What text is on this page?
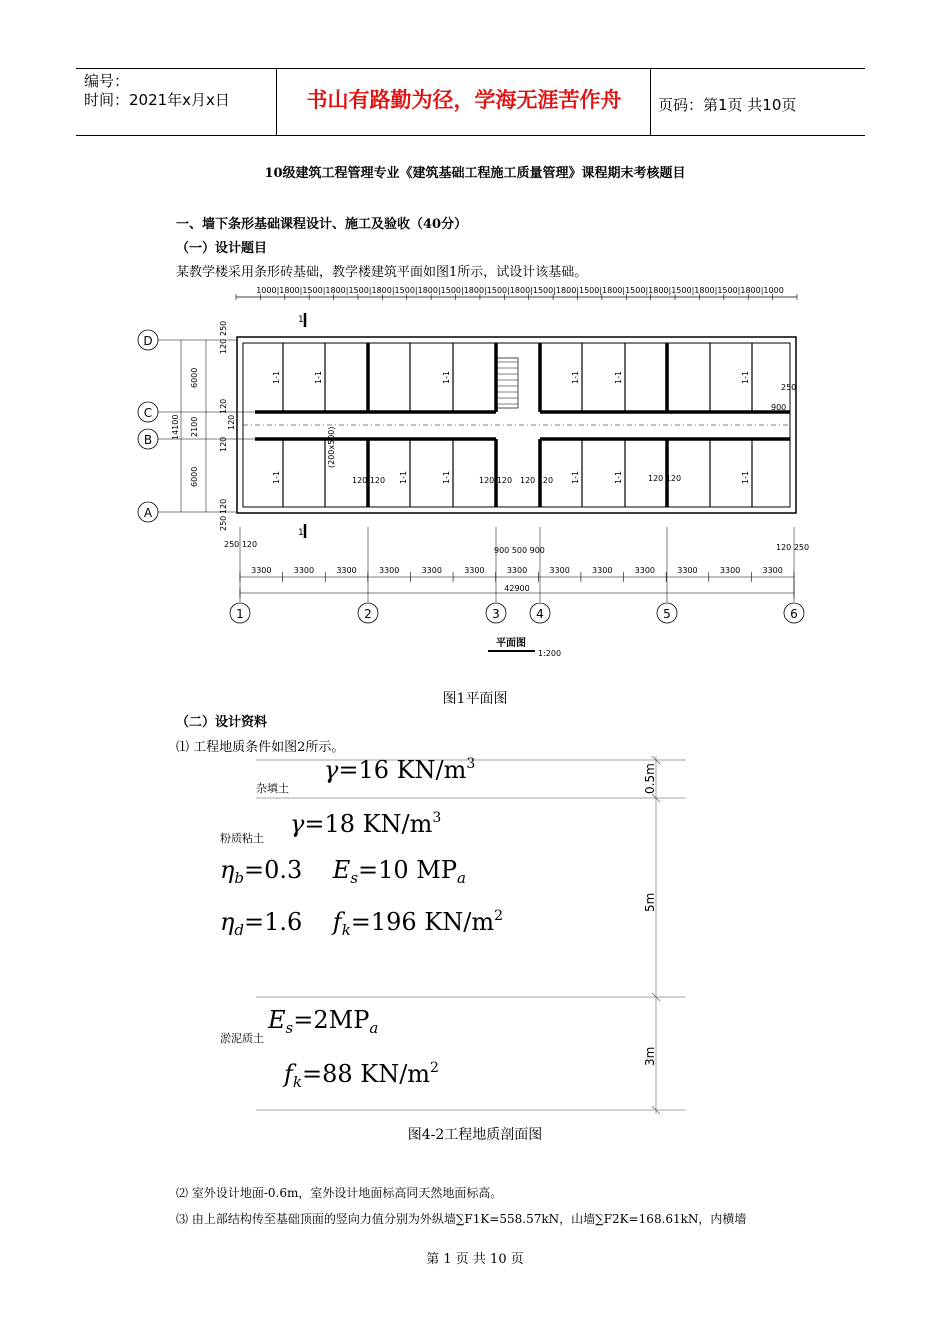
编号：
时间：2021年x月x日	书山有路勤为径，学海无涯苦作舟	页码：第1页 共10页
10级建筑工程管理专业《建筑基础工程施工质量管理》课程期末考核题目
一、墙下条形基础课程设计、施工及验收（40分）
（一）设计题目
某教学楼采用条形砖基础，教学楼建筑平面如图1所示，试设计该基础。
1000|1800|1500|1800|1500|1800|1500|1800|1500|1800|1500|1800|1500|1800|1500|1800|1500|1800|1500|1800|1500|1800|1000
1
1
1-1	1-1	1-1	1-1	1-1	1-1
1-1	1-1	1-1	1-1	1-1	1-1
(200x500)
120 120	120 120 120 120	120 120
250
900
D
C
B
A
14100
6000
2100
6000
120
250
120
120
120
120
250
250 120	120 250
900 500 900
3300	3300	3300	3300	3300	3300	3300	3300	3300	3300	3300	3300	3300
42900
1	2	3	4	5	6
平面图
1:200
图1平面图
（二）设计资料
⑴ 工程地质条件如图2所示。
0.5m
5m
3m
杂填土
γ=16 $KN/m^3$
粉质粘土
γ=18 $KN/m^3$
$\eta_b=0.3$    $E_s=10$ $MP_a$
$\eta_d=1.6$    $f_k=196$ $KN/m^2$
淤泥质土
$E_s=2MP_a$
$f_k=88$ $KN/m^2$
图4-2工程地质剖面图
⑵ 室外设计地面-0.6m，室外设计地面标高同天然地面标高。
⑶ 由上部结构传至基础顶面的竖向力值分别为外纵墙∑F1K=558.57kN，山墙∑F2K=168.61kN，内横墙
第 1 页 共 10 页
